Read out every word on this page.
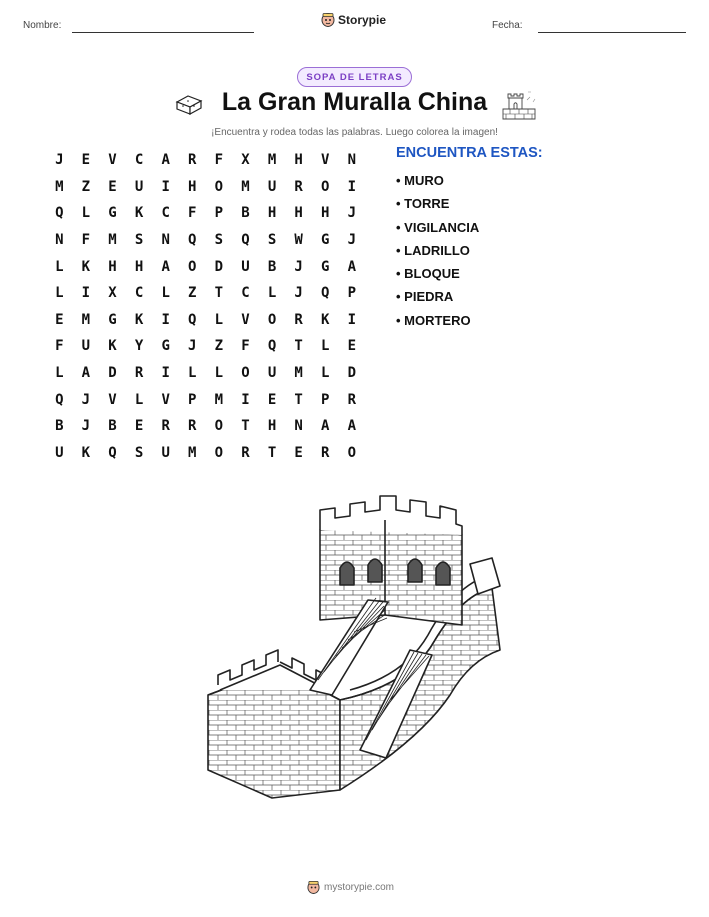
Nombre:	Storypie	Fecha:
SOPA DE LETRAS
La Gran Muralla China
¡Encuentra y rodea todas las palabras. Luego colorea la imagen!
J	E	V	C	A	R	F	X	M	H	V	N
M	Z	E	U	I	H	O	M	U	R	O	I
Q	L	G	K	C	F	P	B	H	H	H	J
N	F	M	S	N	Q	S	Q	S	W	G	J
L	K	H	H	A	O	D	U	B	J	G	A
L	I	X	C	L	Z	T	C	L	J	Q	P
E	M	G	K	I	Q	L	V	O	R	K	I
F	U	K	Y	G	J	Z	F	Q	T	L	E
L	A	D	R	I	L	L	O	U	M	L	D
Q	J	V	L	V	P	M	I	E	T	P	R
B	J	B	E	R	R	O	T	H	N	A	A
U	K	Q	S	U	M	O	R	T	E	R	O
ENCUENTRA ESTAS:
• MURO
• TORRE
• VIGILANCIA
• LADRILLO
• BLOQUE
• PIEDRA
• MORTERO
mystorypie.com
